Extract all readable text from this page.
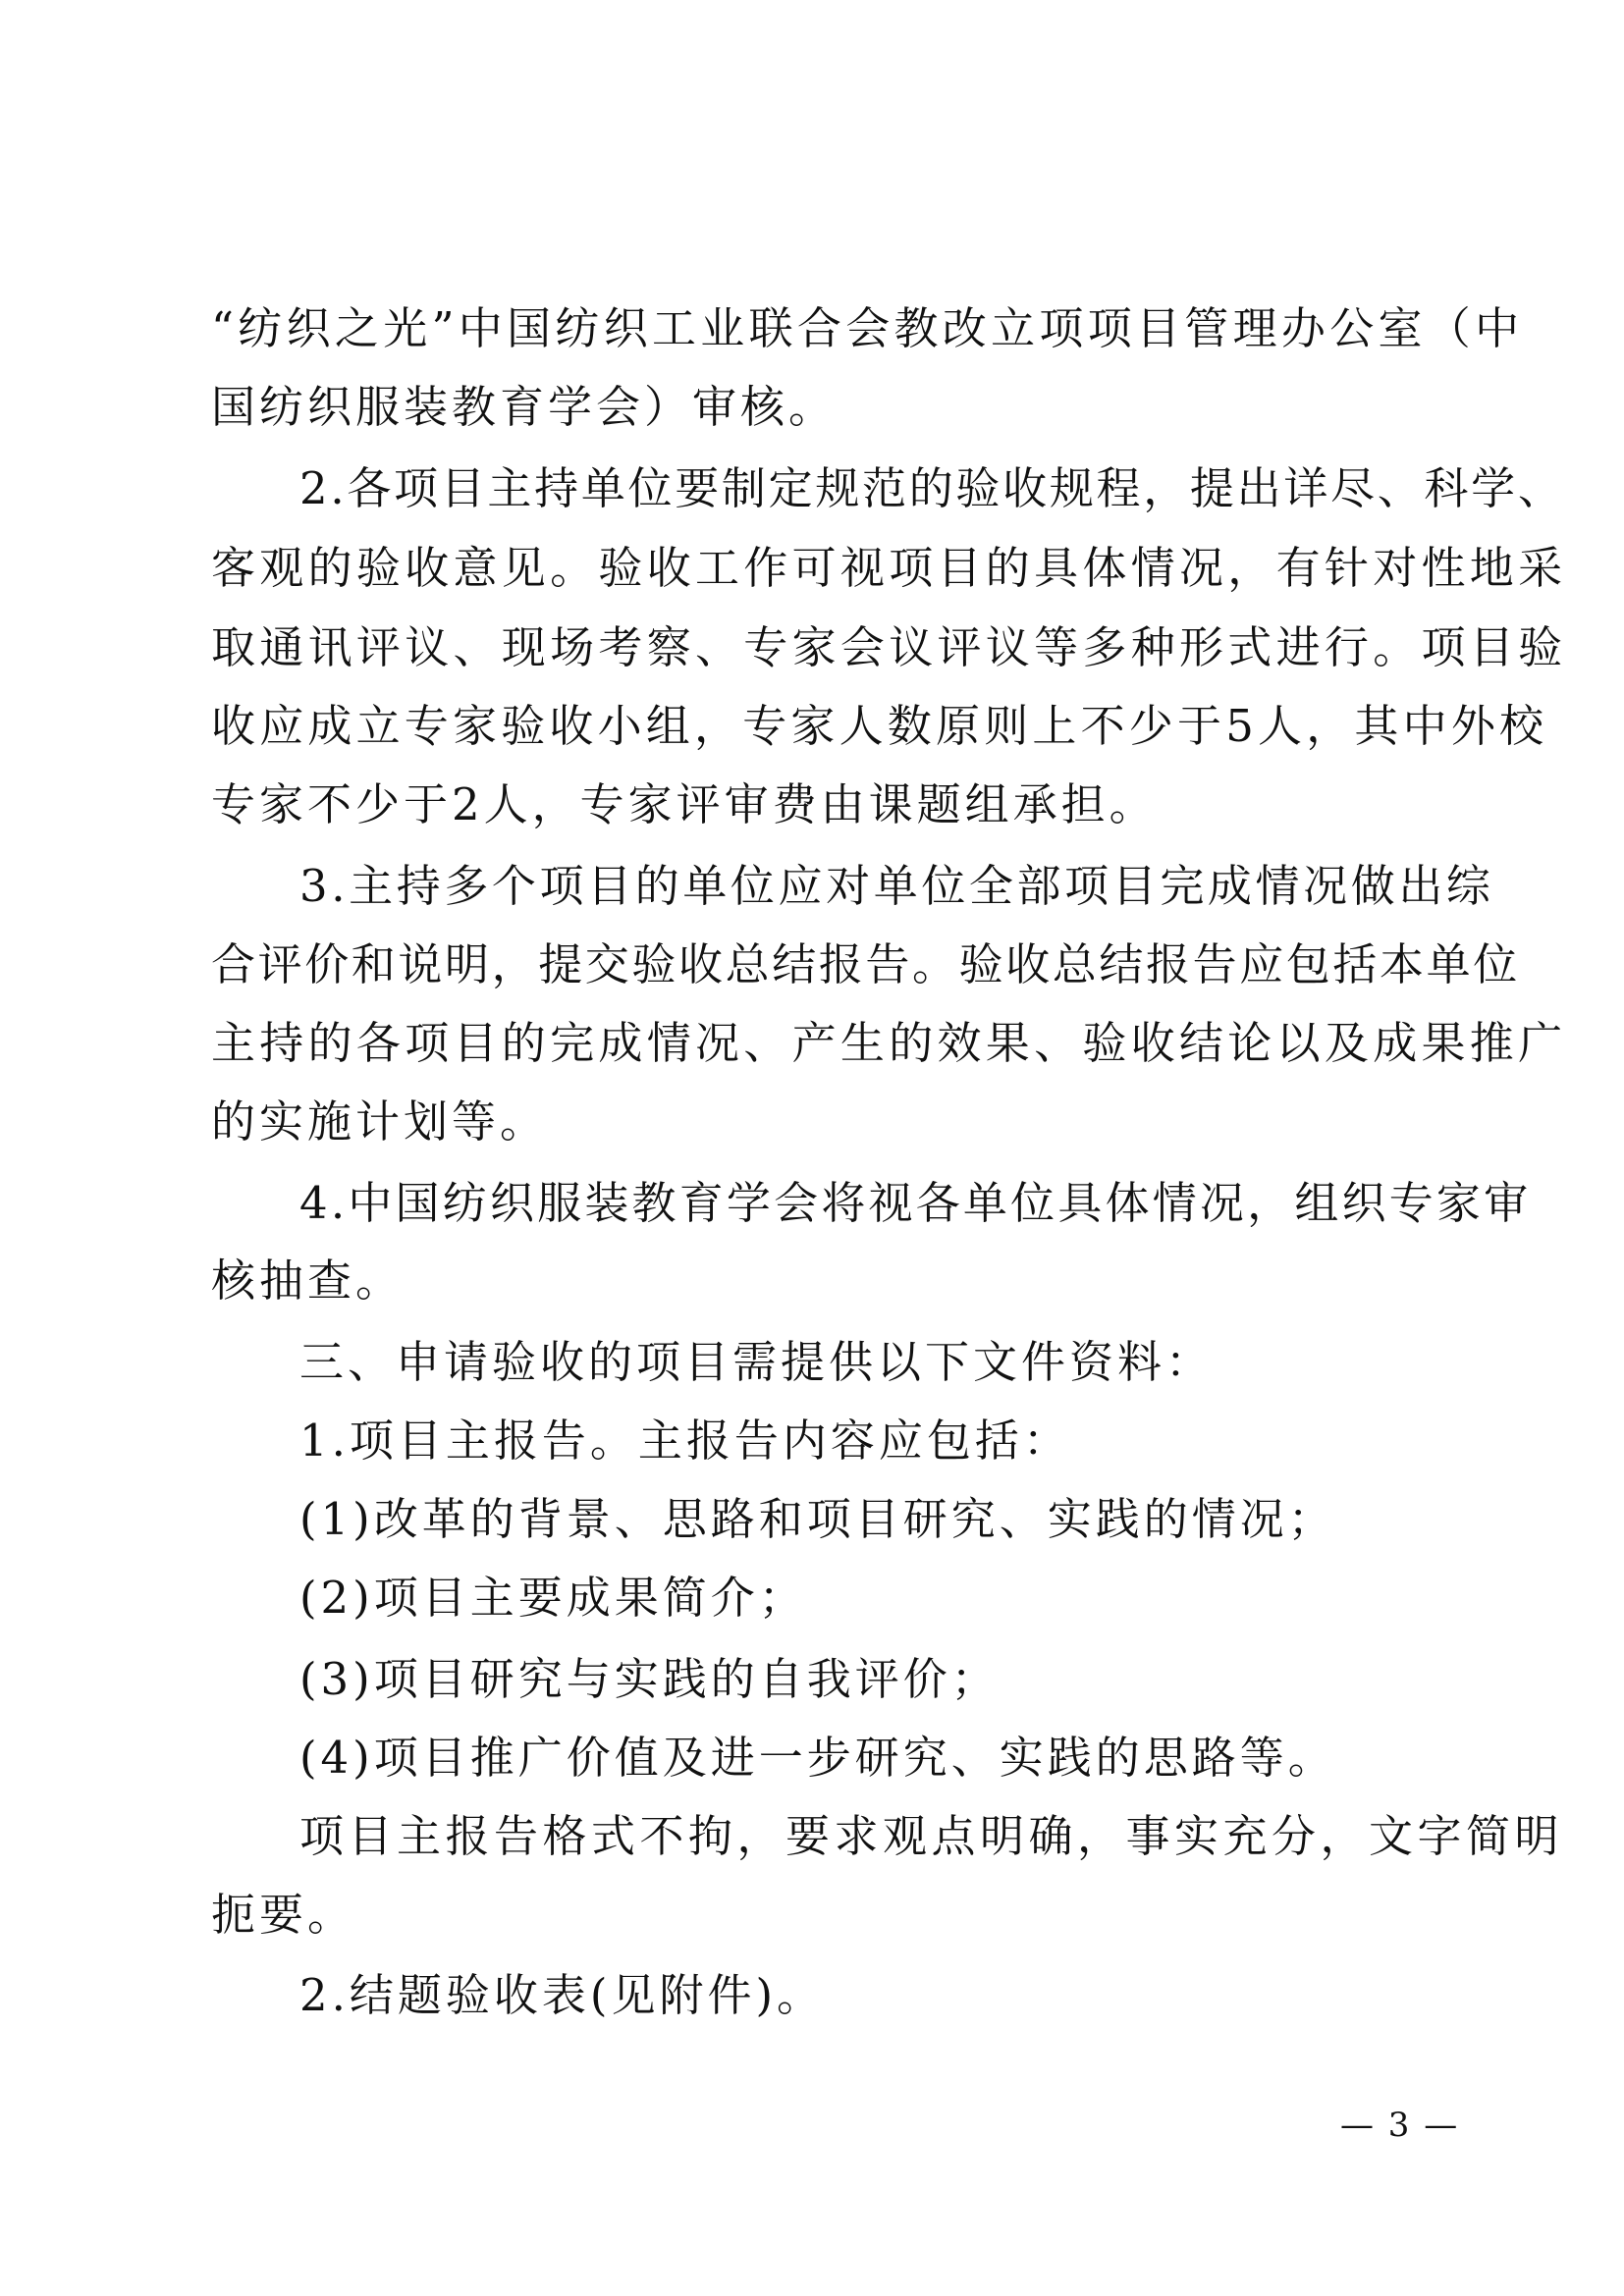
“纺织之光”中国纺织工业联合会教改立项项目管理办公室（中
国纺织服装教育学会）审核。
2.各项目主持单位要制定规范的验收规程，提出详尽、科学、
客观的验收意见。验收工作可视项目的具体情况，有针对性地采
取通讯评议、现场考察、专家会议评议等多种形式进行。项目验
收应成立专家验收小组，专家人数原则上不少于5人，其中外校
专家不少于2人，专家评审费由课题组承担。
3.主持多个项目的单位应对单位全部项目完成情况做出综
合评价和说明，提交验收总结报告。验收总结报告应包括本单位
主持的各项目的完成情况、产生的效果、验收结论以及成果推广
的实施计划等。
4.中国纺织服装教育学会将视各单位具体情况，组织专家审
核抽查。
三、申请验收的项目需提供以下文件资料：
1.项目主报告。主报告内容应包括：
(1)改革的背景、思路和项目研究、实践的情况；
(2)项目主要成果简介；
(3)项目研究与实践的自我评价；
(4)项目推广价值及进一步研究、实践的思路等。
项目主报告格式不拘，要求观点明确，事实充分，文字简明
扼要。
2.结题验收表(见附件)。
— 3 —
